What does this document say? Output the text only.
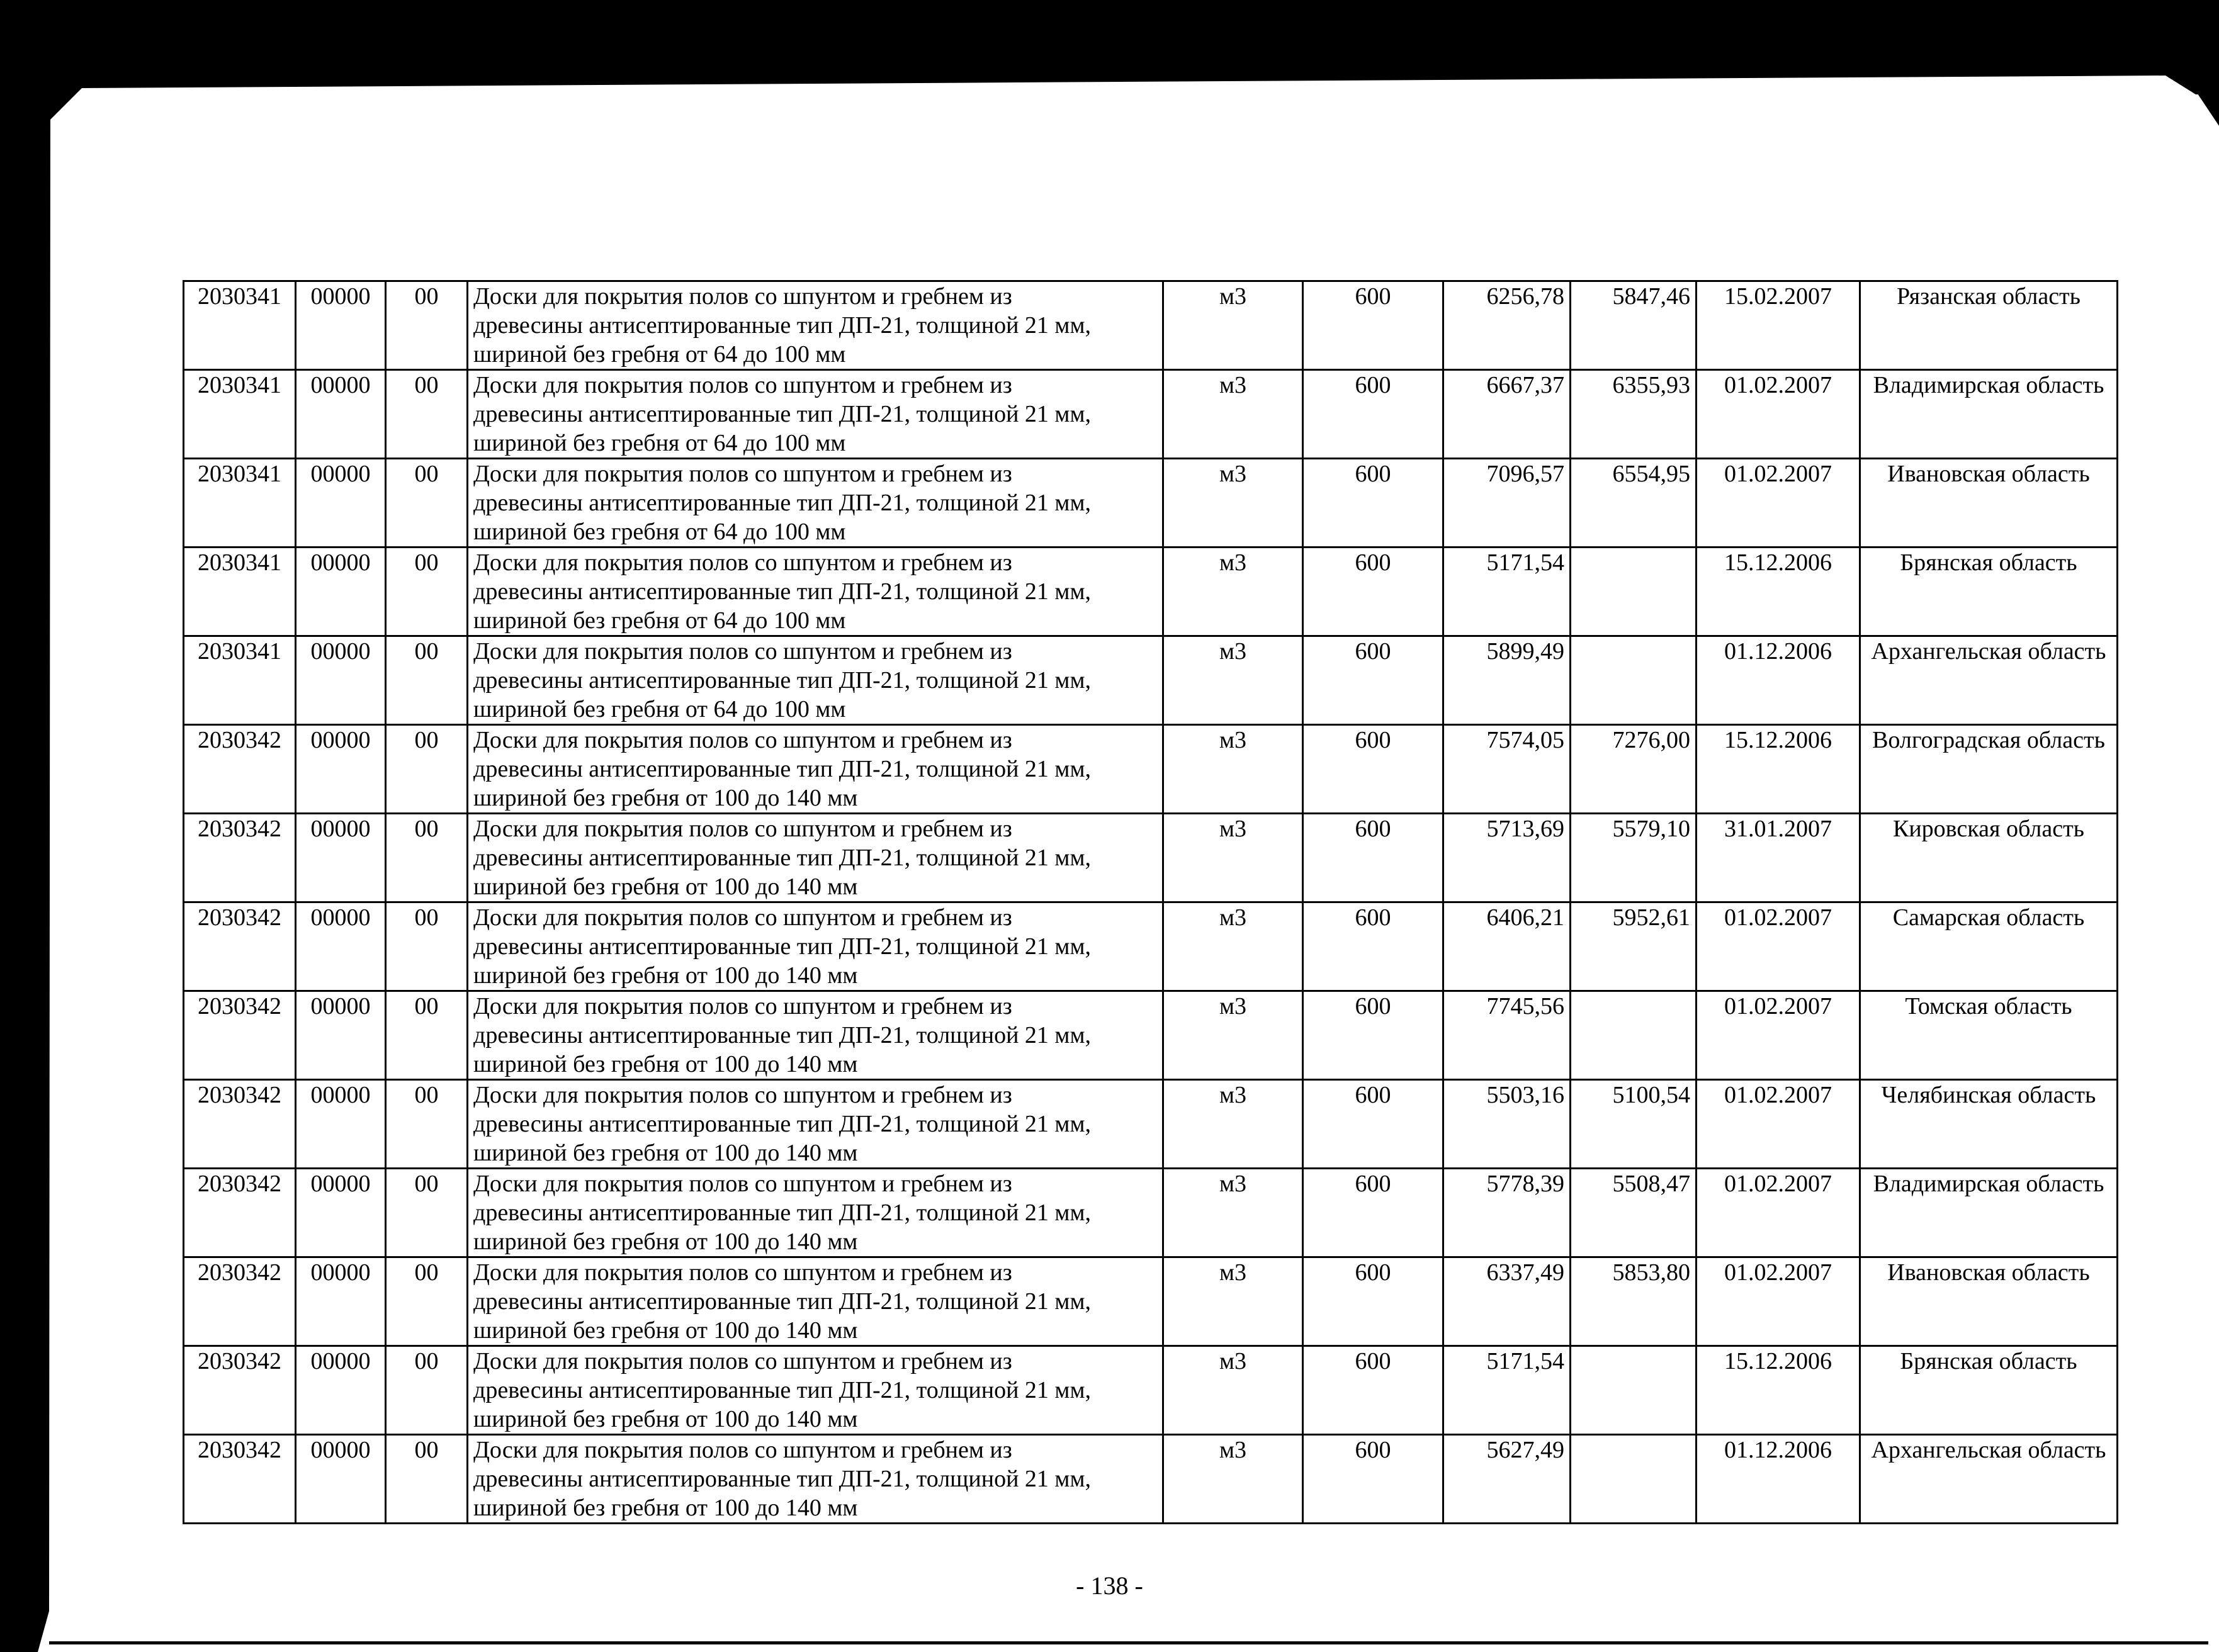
2030341	00000	00	Доски для покрытия полов со шпунтом и гребнем из
древесины антисептированные тип ДП-21, толщиной 21 мм,
шириной без гребня от 64 до 100 мм	м3	600	6256,78	5847,46	15.02.2007	Рязанская область
2030341	00000	00	Доски для покрытия полов со шпунтом и гребнем из
древесины антисептированные тип ДП-21, толщиной 21 мм,
шириной без гребня от 64 до 100 мм	м3	600	6667,37	6355,93	01.02.2007	Владимирская область
2030341	00000	00	Доски для покрытия полов со шпунтом и гребнем из
древесины антисептированные тип ДП-21, толщиной 21 мм,
шириной без гребня от 64 до 100 мм	м3	600	7096,57	6554,95	01.02.2007	Ивановская область
2030341	00000	00	Доски для покрытия полов со шпунтом и гребнем из
древесины антисептированные тип ДП-21, толщиной 21 мм,
шириной без гребня от 64 до 100 мм	м3	600	5171,54		15.12.2006	Брянская область
2030341	00000	00	Доски для покрытия полов со шпунтом и гребнем из
древесины антисептированные тип ДП-21, толщиной 21 мм,
шириной без гребня от 64 до 100 мм	м3	600	5899,49		01.12.2006	Архангельская область
2030342	00000	00	Доски для покрытия полов со шпунтом и гребнем из
древесины антисептированные тип ДП-21, толщиной 21 мм,
шириной без гребня от 100 до 140 мм	м3	600	7574,05	7276,00	15.12.2006	Волгоградская область
2030342	00000	00	Доски для покрытия полов со шпунтом и гребнем из
древесины антисептированные тип ДП-21, толщиной 21 мм,
шириной без гребня от 100 до 140 мм	м3	600	5713,69	5579,10	31.01.2007	Кировская область
2030342	00000	00	Доски для покрытия полов со шпунтом и гребнем из
древесины антисептированные тип ДП-21, толщиной 21 мм,
шириной без гребня от 100 до 140 мм	м3	600	6406,21	5952,61	01.02.2007	Самарская область
2030342	00000	00	Доски для покрытия полов со шпунтом и гребнем из
древесины антисептированные тип ДП-21, толщиной 21 мм,
шириной без гребня от 100 до 140 мм	м3	600	7745,56		01.02.2007	Томская область
2030342	00000	00	Доски для покрытия полов со шпунтом и гребнем из
древесины антисептированные тип ДП-21, толщиной 21 мм,
шириной без гребня от 100 до 140 мм	м3	600	5503,16	5100,54	01.02.2007	Челябинская область
2030342	00000	00	Доски для покрытия полов со шпунтом и гребнем из
древесины антисептированные тип ДП-21, толщиной 21 мм,
шириной без гребня от 100 до 140 мм	м3	600	5778,39	5508,47	01.02.2007	Владимирская область
2030342	00000	00	Доски для покрытия полов со шпунтом и гребнем из
древесины антисептированные тип ДП-21, толщиной 21 мм,
шириной без гребня от 100 до 140 мм	м3	600	6337,49	5853,80	01.02.2007	Ивановская область
2030342	00000	00	Доски для покрытия полов со шпунтом и гребнем из
древесины антисептированные тип ДП-21, толщиной 21 мм,
шириной без гребня от 100 до 140 мм	м3	600	5171,54		15.12.2006	Брянская область
2030342	00000	00	Доски для покрытия полов со шпунтом и гребнем из
древесины антисептированные тип ДП-21, толщиной 21 мм,
шириной без гребня от 100 до 140 мм	м3	600	5627,49		01.12.2006	Архангельская область
- 138 -
